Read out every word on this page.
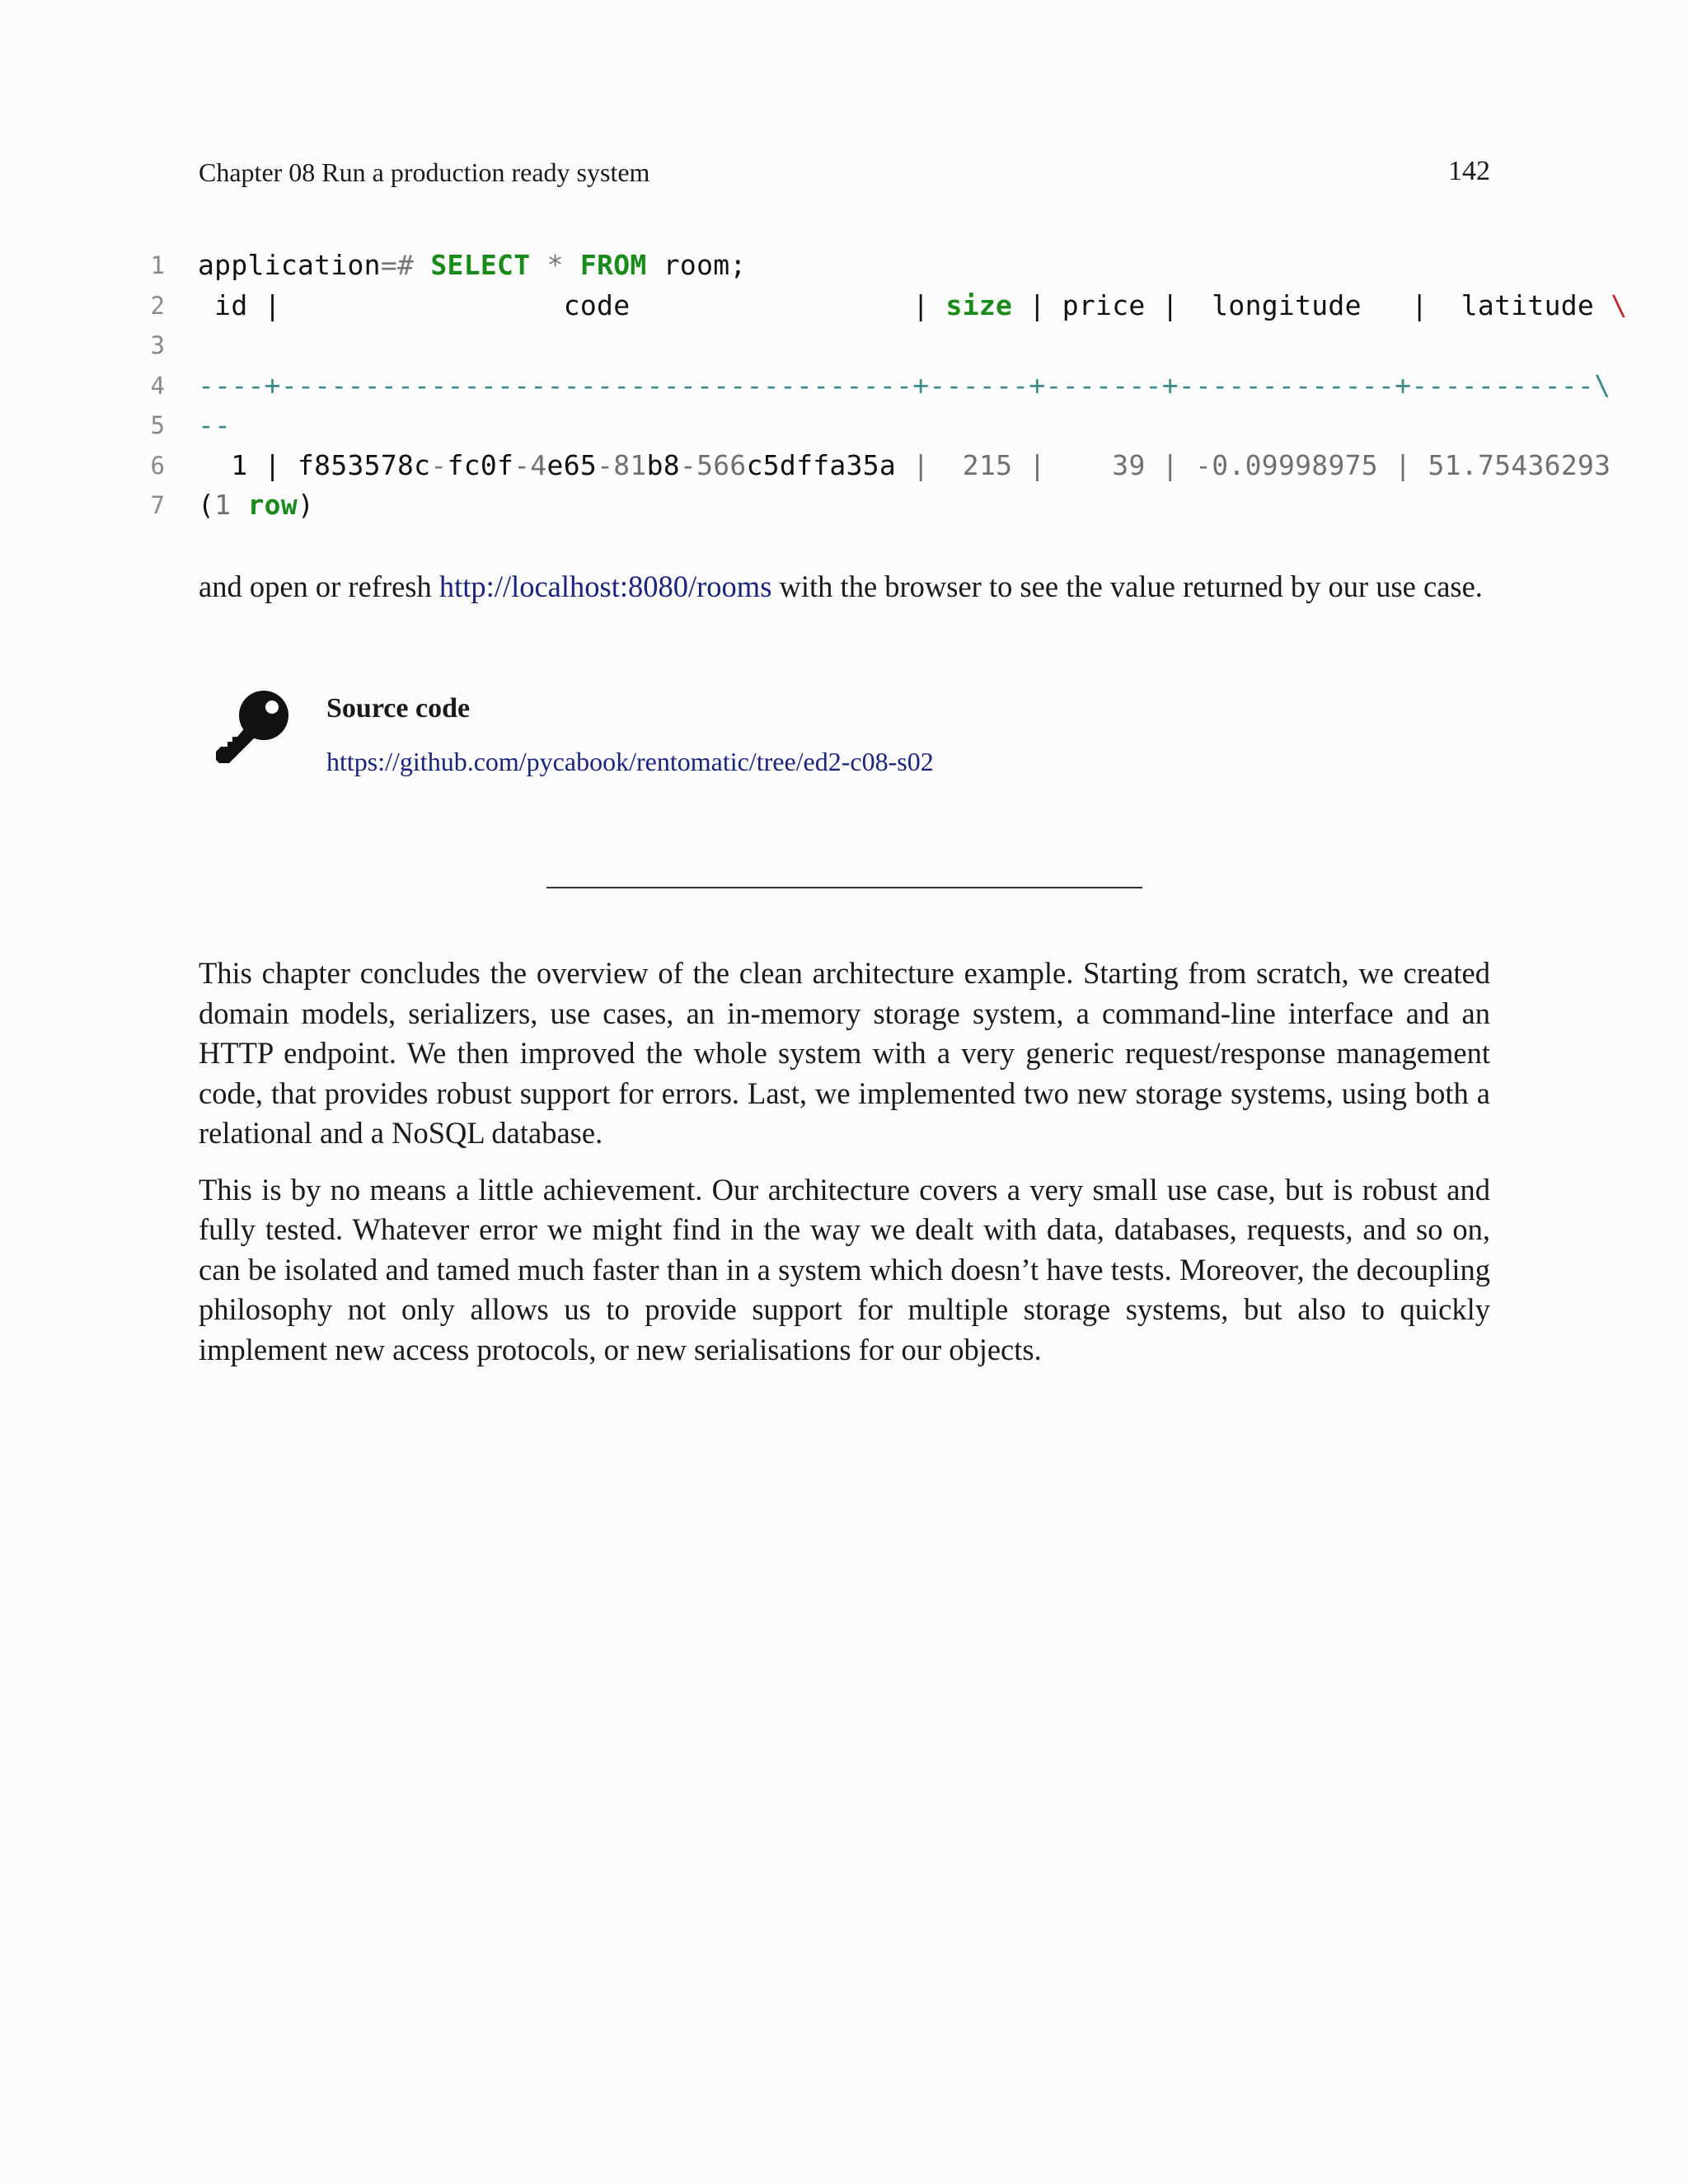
Chapter 08 Run a production ready system	142
1	application=# SELECT * FROM room;
2	id |                 code                 | size | price |  longitude   |  latitude \
3
4	----+--------------------------------------+------+-------+-------------+-----------\
5	--
6	1 | f853578c-fc0f-4e65-81b8-566c5dffa35a |  215 |    39 | -0.09998975 | 51.75436293
7	(1 row)

and open or refresh http://localhost:8080/rooms with the browser to see the value returned by our use case.

Source code
https://github.com/pycabook/rentomatic/tree/ed2-c08-s02

This chapter concludes the overview of the clean architecture example. Starting from scratch, we created domain models, serializers, use cases, an in-memory storage system, a command-line interface and an HTTP endpoint. We then improved the whole system with a very generic request/response management code, that provides robust support for errors. Last, we implemented two new storage systems, using both a relational and a NoSQL database.

This is by no means a little achievement. Our architecture covers a very small use case, but is robust and fully tested. Whatever error we might find in the way we dealt with data, databases, requests, and so on, can be isolated and tamed much faster than in a system which doesn’t have tests. Moreover, the decoupling philosophy not only allows us to provide support for multiple storage systems, but also to quickly implement new access protocols, or new serialisations for our objects.
